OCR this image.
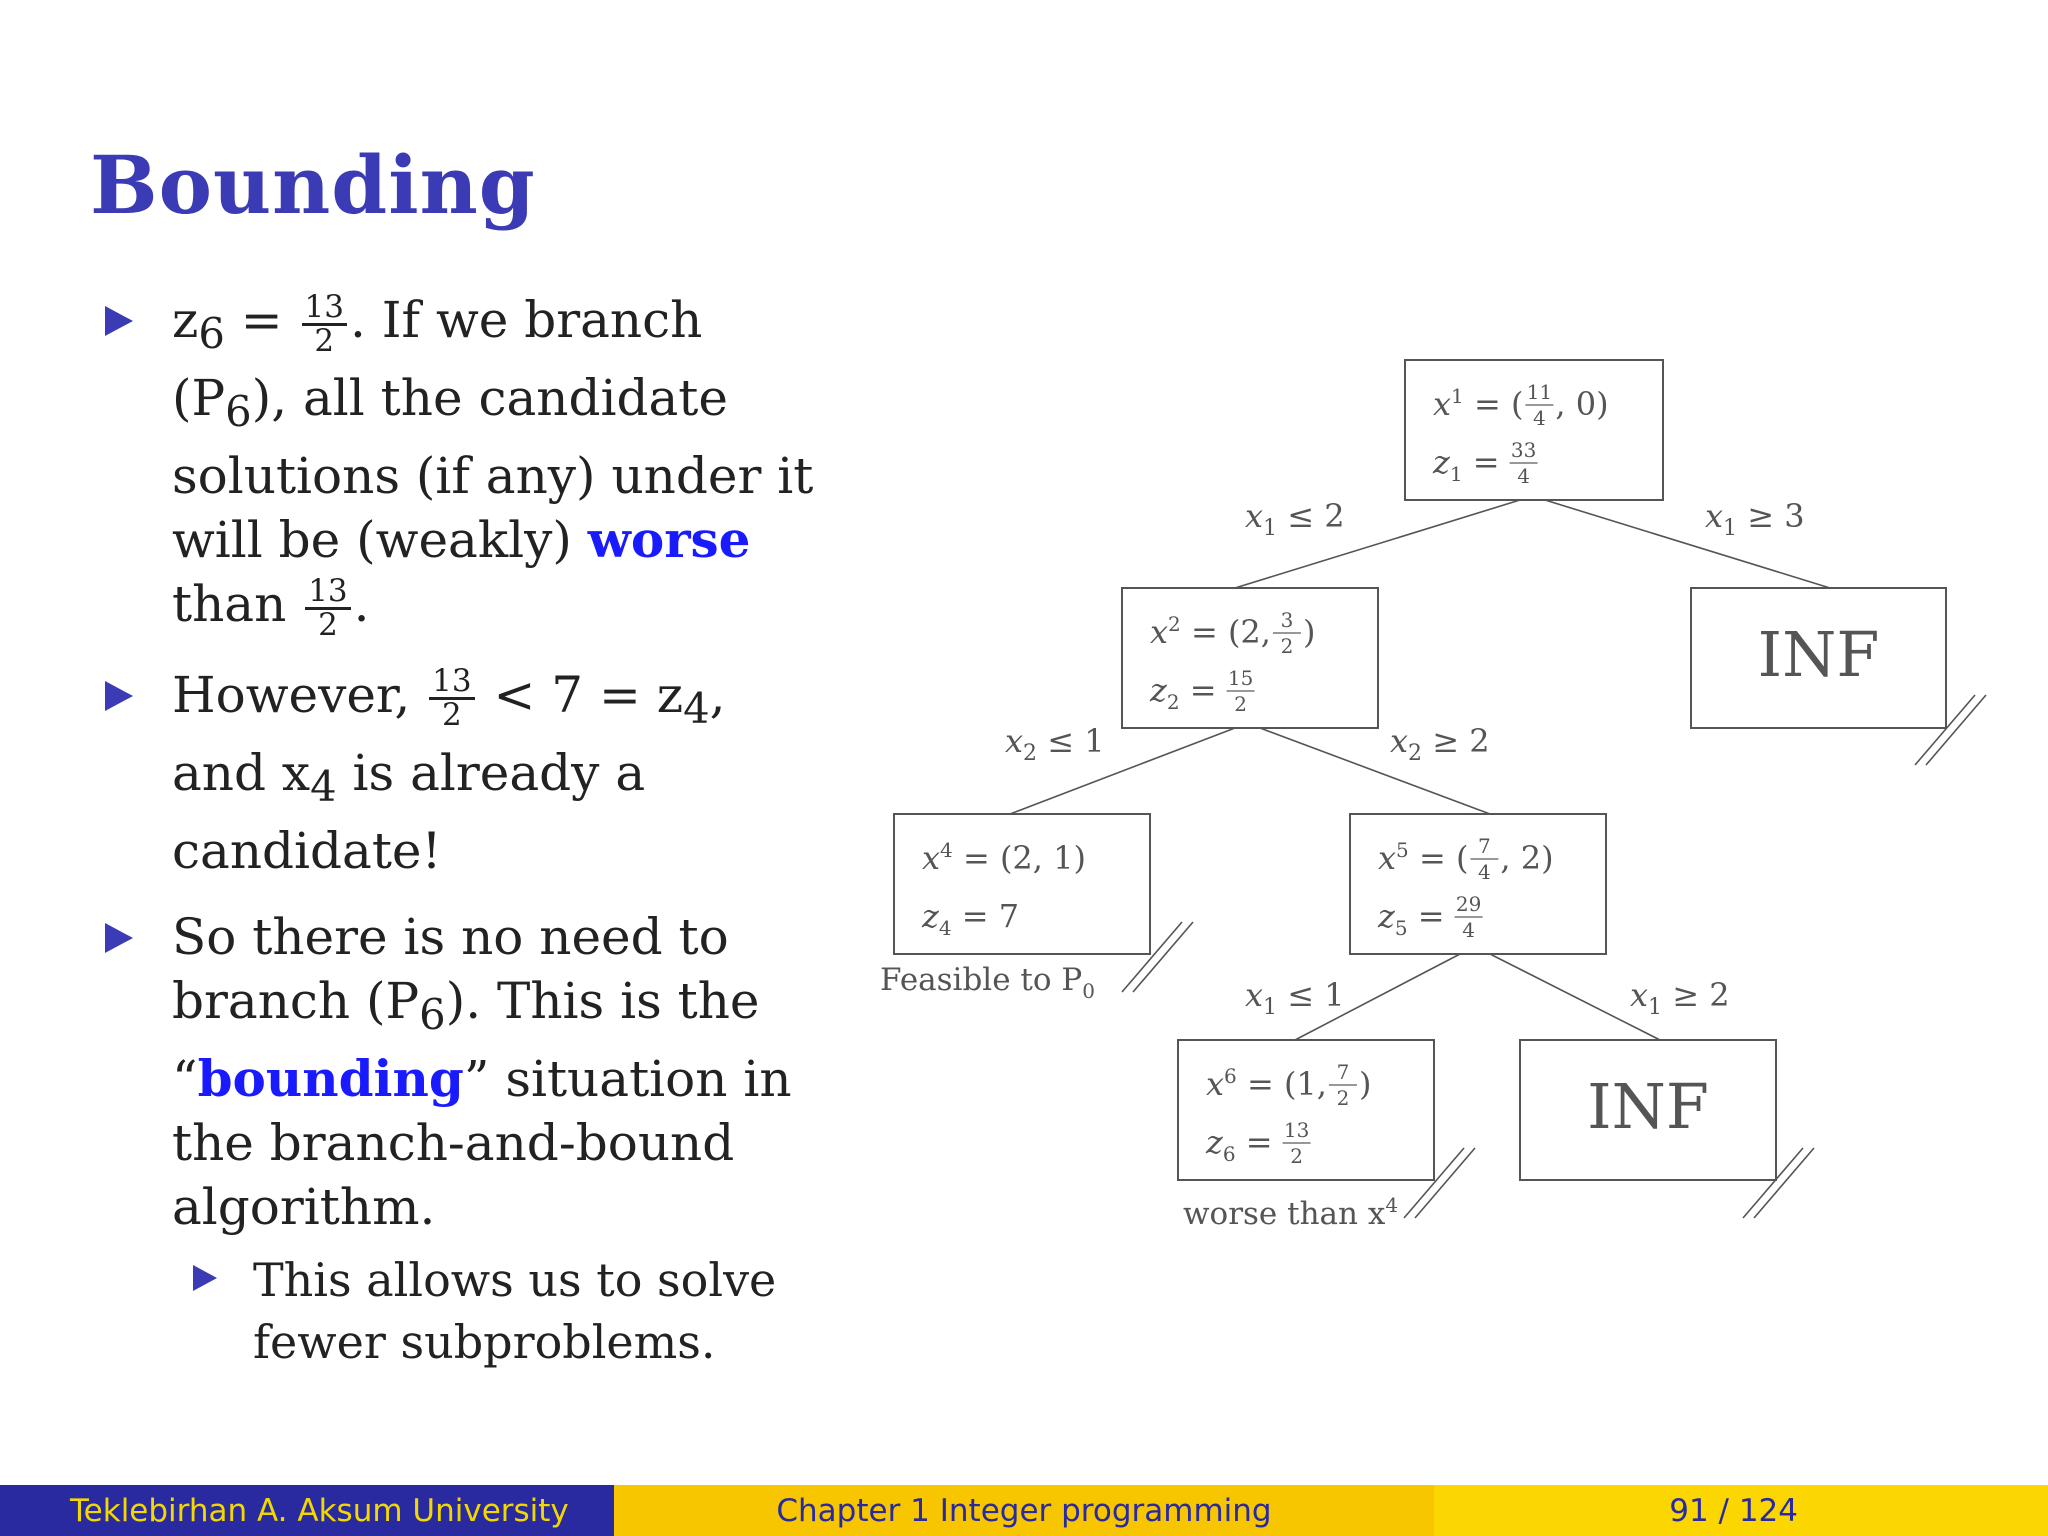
Bounding
$z_6 = \frac{13}{2}$ . If we branch $(P_6)$, all the candidate solutions (if any) under it will be (weakly) worse than $\frac{13}{2}$ .
However, $\frac{13}{2} < 7 = z_4$, and $x_4$ is already a candidate!
So there is no need to branch $(P_6)$. This is the “bounding” situation in the branch-and-bound algorithm.
This allows us to solve fewer subproblems.
$x_1 \le 2$	$x_1 \ge 3$
$x_2 \le 1$	$x_2 \ge 2$
$x_1 \le 1$	$x_1 \ge 2$
$x^1$ = ( 11
4 , 0)
$z_1 = 33$
4
$x^2 = (2$, 3
2 )
$z_2 = 15$
2
INF
$x^4 = (2$, 1)
$z_4 = 7$
$x^5$ = ( 7
4 , 2)
$z_5 = 29$
4
$x^6 = (1$, 7
2 )
$z_6 = 13$
2
INF
Feasible to $P_0$
worse than $x^4$
Teklebirhan A. Aksum University	Chapter 1 Integer programming	91 / 124
